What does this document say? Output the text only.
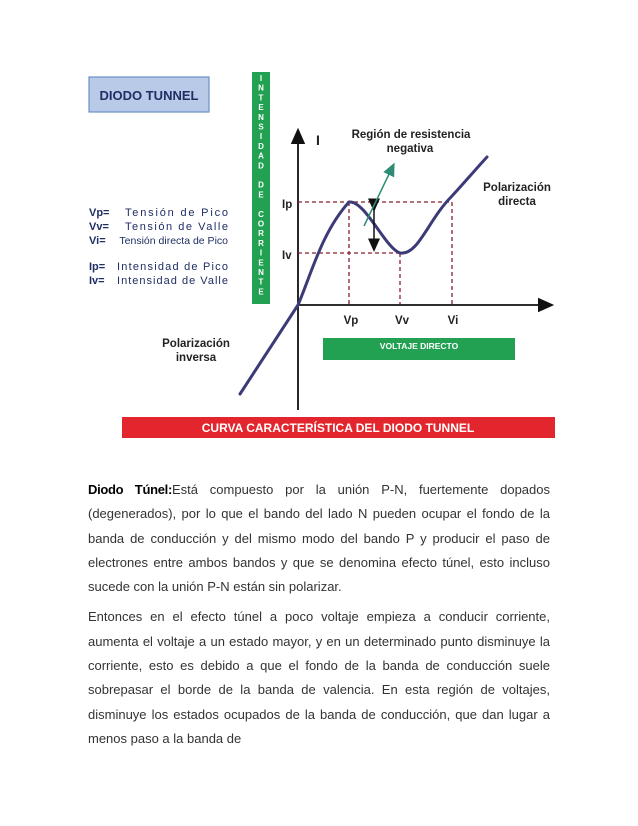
DIODO TUNNEL
I
N
T
E
N
S
I
D
A
D
D
E
C
O
R
R
I
E
N
T
E
Vp= Tensión de Pico
Vv= Tensión de Valle
Vi= Tensión directa de Pico
Ip= Intensidad de Pico
Iv= Intensidad de Valle
I	Región de resistencia
negativa
Polarización
directa
Polarización
inversa
Ip
Iv
Vp	Vv	Vi
VOLTAJE DIRECTO
CURVA CARACTERÍSTICA DEL DIODO TUNNEL

Diodo Túnel:Está compuesto por la unión P-N, fuertemente dopados (degenerados), por lo que el bando del lado N pueden ocupar el fondo de la banda de conducción y del mismo modo del bando P y producir el paso de electrones entre ambos bandos y que se denomina efecto túnel, esto incluso sucede con la unión P-N están sin polarizar.

Entonces en el efecto túnel a poco voltaje empieza a conducir corriente, aumenta el voltaje a un estado mayor, y en un determinado punto disminuye la corriente, esto es debido a que el fondo de la banda de conducción suele sobrepasar el borde de la banda de valencia. En esta región de voltajes, disminuye los estados ocupados de la banda de conducción, que dan lugar a menos paso a la banda de
